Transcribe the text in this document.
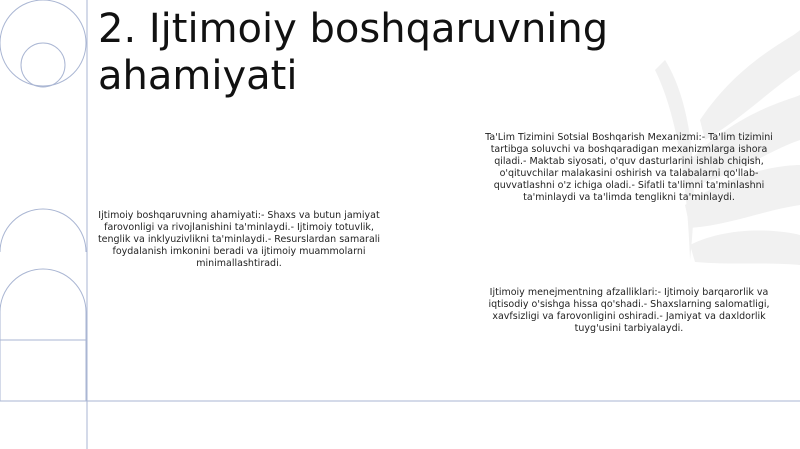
2. Ijtimoiy boshqaruvning ahamiyati

Ta'Lim Tizimini Sotsial Boshqarish Mexanizmi:- Ta'lim tizimini tartibga soluvchi va boshqaradigan mexanizmlarga ishora qiladi.- Maktab siyosati, o'quv dasturlarini ishlab chiqish, o'qituvchilar malakasini oshirish va talabalarni qo'llab-quvvatlashni o'z ichiga oladi.- Sifatli ta'limni ta'minlashni ta'minlaydi va ta'limda tenglikni ta'minlaydi.

Ijtimoiy boshqaruvning ahamiyati:- Shaxs va butun jamiyat farovonligi va rivojlanishini ta'minlaydi.- Ijtimoiy totuvlik, tenglik va inklyuzivlikni ta'minlaydi.- Resurslardan samarali foydalanish imkonini beradi va ijtimoiy muammolarni minimallashtiradi.

Ijtimoiy menejmentning afzalliklari:- Ijtimoiy barqarorlik va iqtisodiy o'sishga hissa qo'shadi.- Shaxslarning salomatligi, xavfsizligi va farovonligini oshiradi.- Jamiyat va daxldorlik tuyg'usini tarbiyalaydi.
